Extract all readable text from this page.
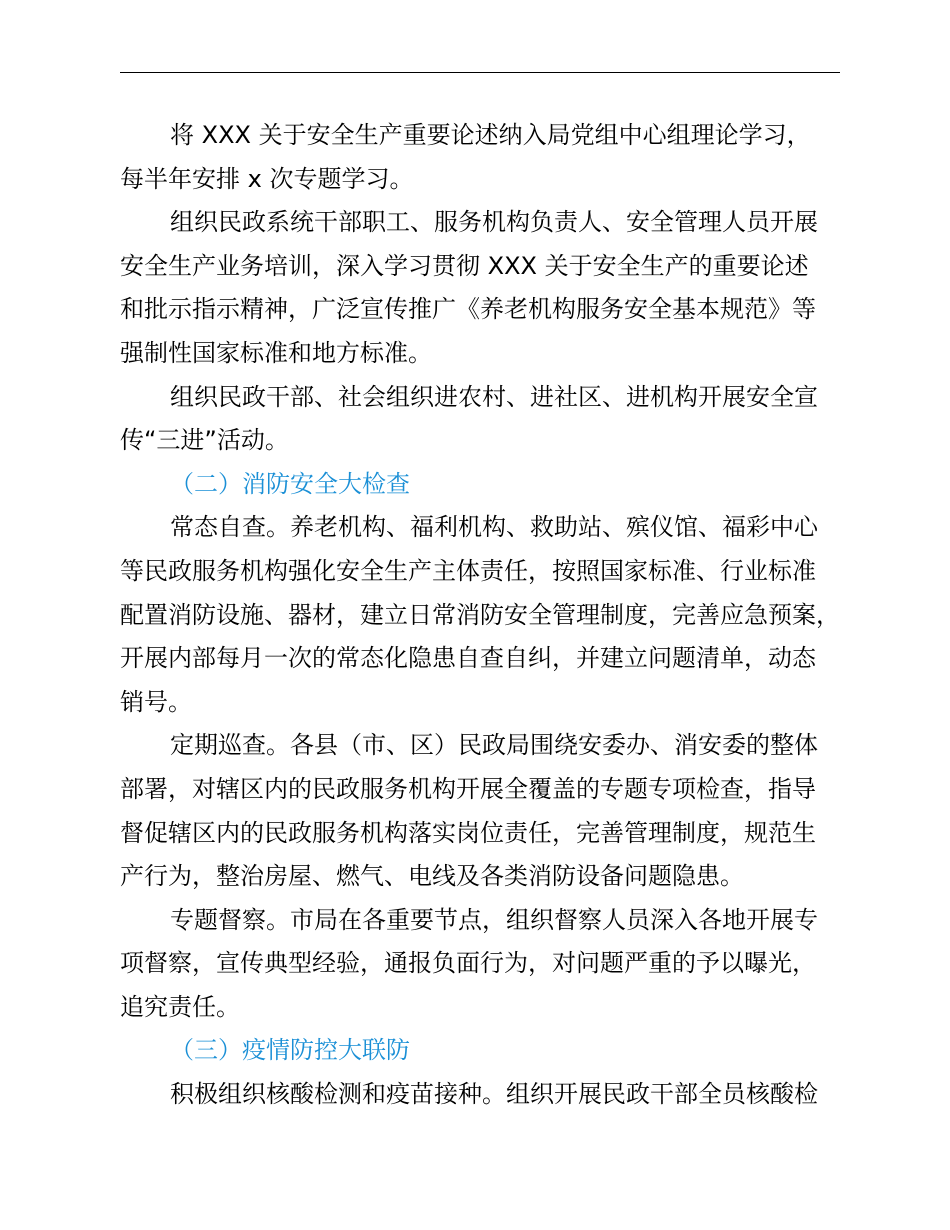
将 XXX 关于安全生产重要论述纳入局党组中心组理论学习，
每半年安排 x 次专题学习。
组织民政系统干部职工、服务机构负责人、安全管理人员开展
安全生产业务培训，深入学习贯彻 XXX 关于安全生产的重要论述
和批示指示精神，广泛宣传推广《养老机构服务安全基本规范》等
强制性国家标准和地方标准。
组织民政干部、社会组织进农村、进社区、进机构开展安全宣
传“三进”活动。
（二）消防安全大检查
常态自查。养老机构、福利机构、救助站、殡仪馆、福彩中心
等民政服务机构强化安全生产主体责任，按照国家标准、行业标准
配置消防设施、器材，建立日常消防安全管理制度，完善应急预案，
开展内部每月一次的常态化隐患自查自纠，并建立问题清单，动态
销号。
定期巡查。各县（市、区）民政局围绕安委办、消安委的整体
部署，对辖区内的民政服务机构开展全覆盖的专题专项检查，指导
督促辖区内的民政服务机构落实岗位责任，完善管理制度，规范生
产行为，整治房屋、燃气、电线及各类消防设备问题隐患。
专题督察。市局在各重要节点，组织督察人员深入各地开展专
项督察，宣传典型经验，通报负面行为，对问题严重的予以曝光，
追究责任。
（三）疫情防控大联防
积极组织核酸检测和疫苗接种。组织开展民政干部全员核酸检
